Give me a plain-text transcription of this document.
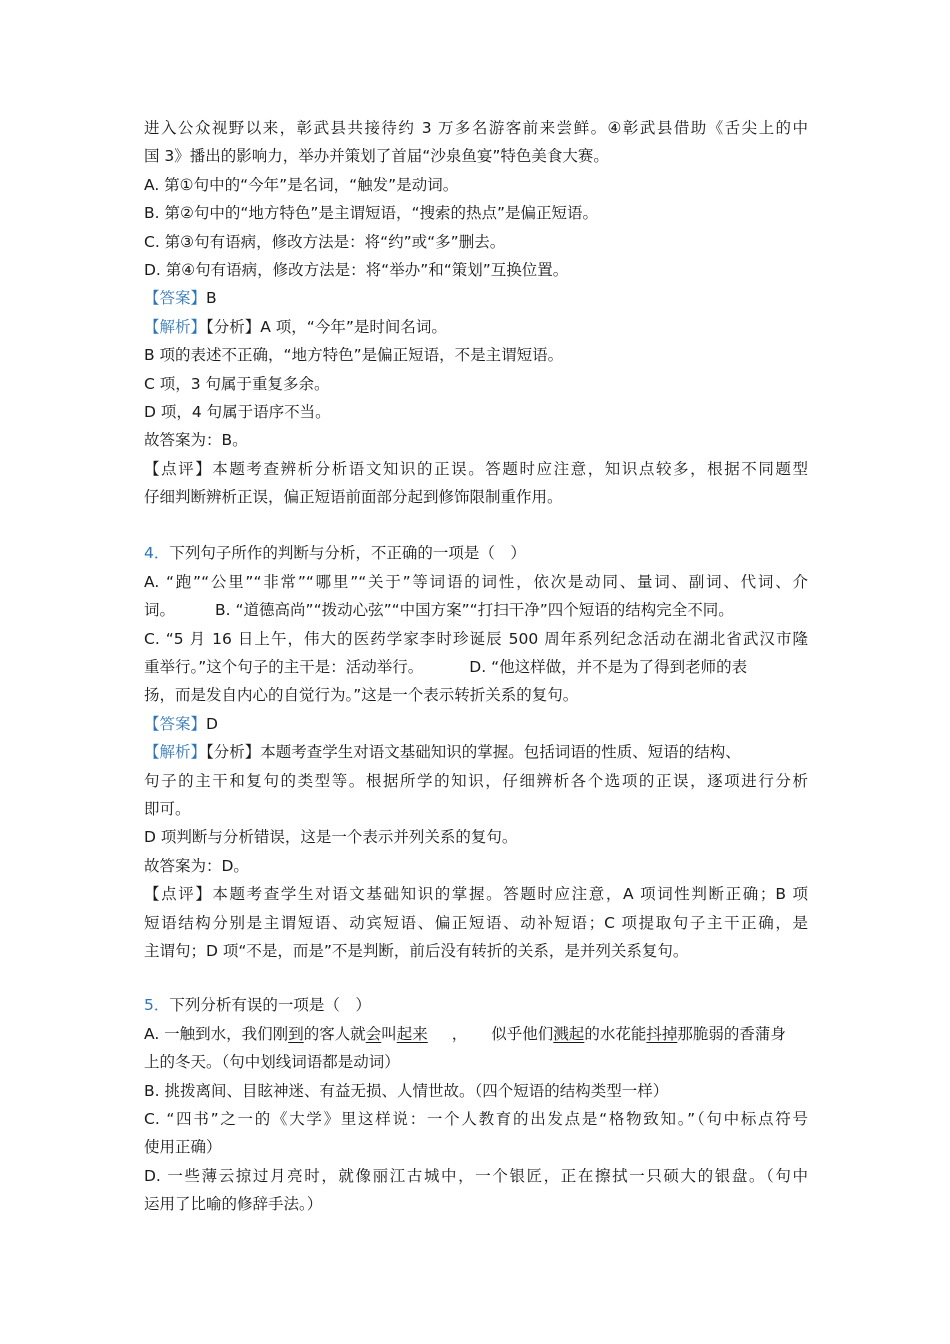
进入公众视野以来，彰武县共接待约 3 万多名游客前来尝鲜。④彰武县借助《舌尖上的中
国 3》播出的影响力，举办并策划了首届“沙泉鱼宴”特色美食大赛。
A. 第①句中的“今年”是名词，“触发”是动词。
B. 第②句中的“地方特色”是主谓短语，“搜索的热点”是偏正短语。
C. 第③句有语病，修改方法是：将“约”或“多”删去。
D. 第④句有语病，修改方法是：将“举办”和“策划”互换位置。
【答案】B
【解析】【分析】A 项，“今年”是时间名词。
B 项的表述不正确，“地方特色”是偏正短语，不是主谓短语。
C 项，3 句属于重复多余。
D 项，4 句属于语序不当。
故答案为：B。
【点评】本题考查辨析分析语文知识的正误。答题时应注意，知识点较多，根据不同题型
仔细判断辨析正误，偏正短语前面部分起到修饰限制重作用。
4．下列句子所作的判断与分析，不正确的一项是（　）
A. “跑”“公里”“非常”“哪里”“关于”等词语的词性，依次是动同、量词、副词、代词、介
词。	B. “道德高尚”“拨动心弦”“中国方案”“打扫干净”四个短语的结构完全不同。
C. “5 月 16 日上午，伟大的医药学家李时珍诞辰 500 周年系列纪念活动在湖北省武汉市隆
重举行。”这个句子的主干是：活动举行。	D. “他这样做，并不是为了得到老师的表
扬，而是发自内心的自觉行为。”这是一个表示转折关系的复句。
【答案】D
【解析】【分析】本题考查学生对语文基础知识的掌握。包括词语的性质、短语的结构、
句子的主干和复句的类型等。根据所学的知识，仔细辨析各个选项的正误，逐项进行分析
即可。
D 项判断与分析错误，这是一个表示并列关系的复句。
故答案为：D。
【点评】本题考查学生对语文基础知识的掌握。答题时应注意，A 项词性判断正确；B 项
短语结构分别是主谓短语、动宾短语、偏正短语、动补短语；C 项提取句子主干正确，是
主谓句；D 项“不是，而是”不是判断，前后没有转折的关系，是并列关系复句。
5．下列分析有误的一项是（　）
A. 一触到水，我们刚到的客人就会叫起来 ， 似乎他们溅起的水花能抖掉那脆弱的香蒲身
上的冬天。（句中划线词语都是动词）
B. 挑拨离间、目眩神迷、有益无损、人情世故。（四个短语的结构类型一样）
C. “四书”之一的《大学》里这样说：一个人教育的出发点是“格物致知。”（句中标点符号
使用正确）
D. 一些薄云掠过月亮时，就像丽江古城中，一个银匠，正在擦拭一只硕大的银盘。（句中
运用了比喻的修辞手法。）
